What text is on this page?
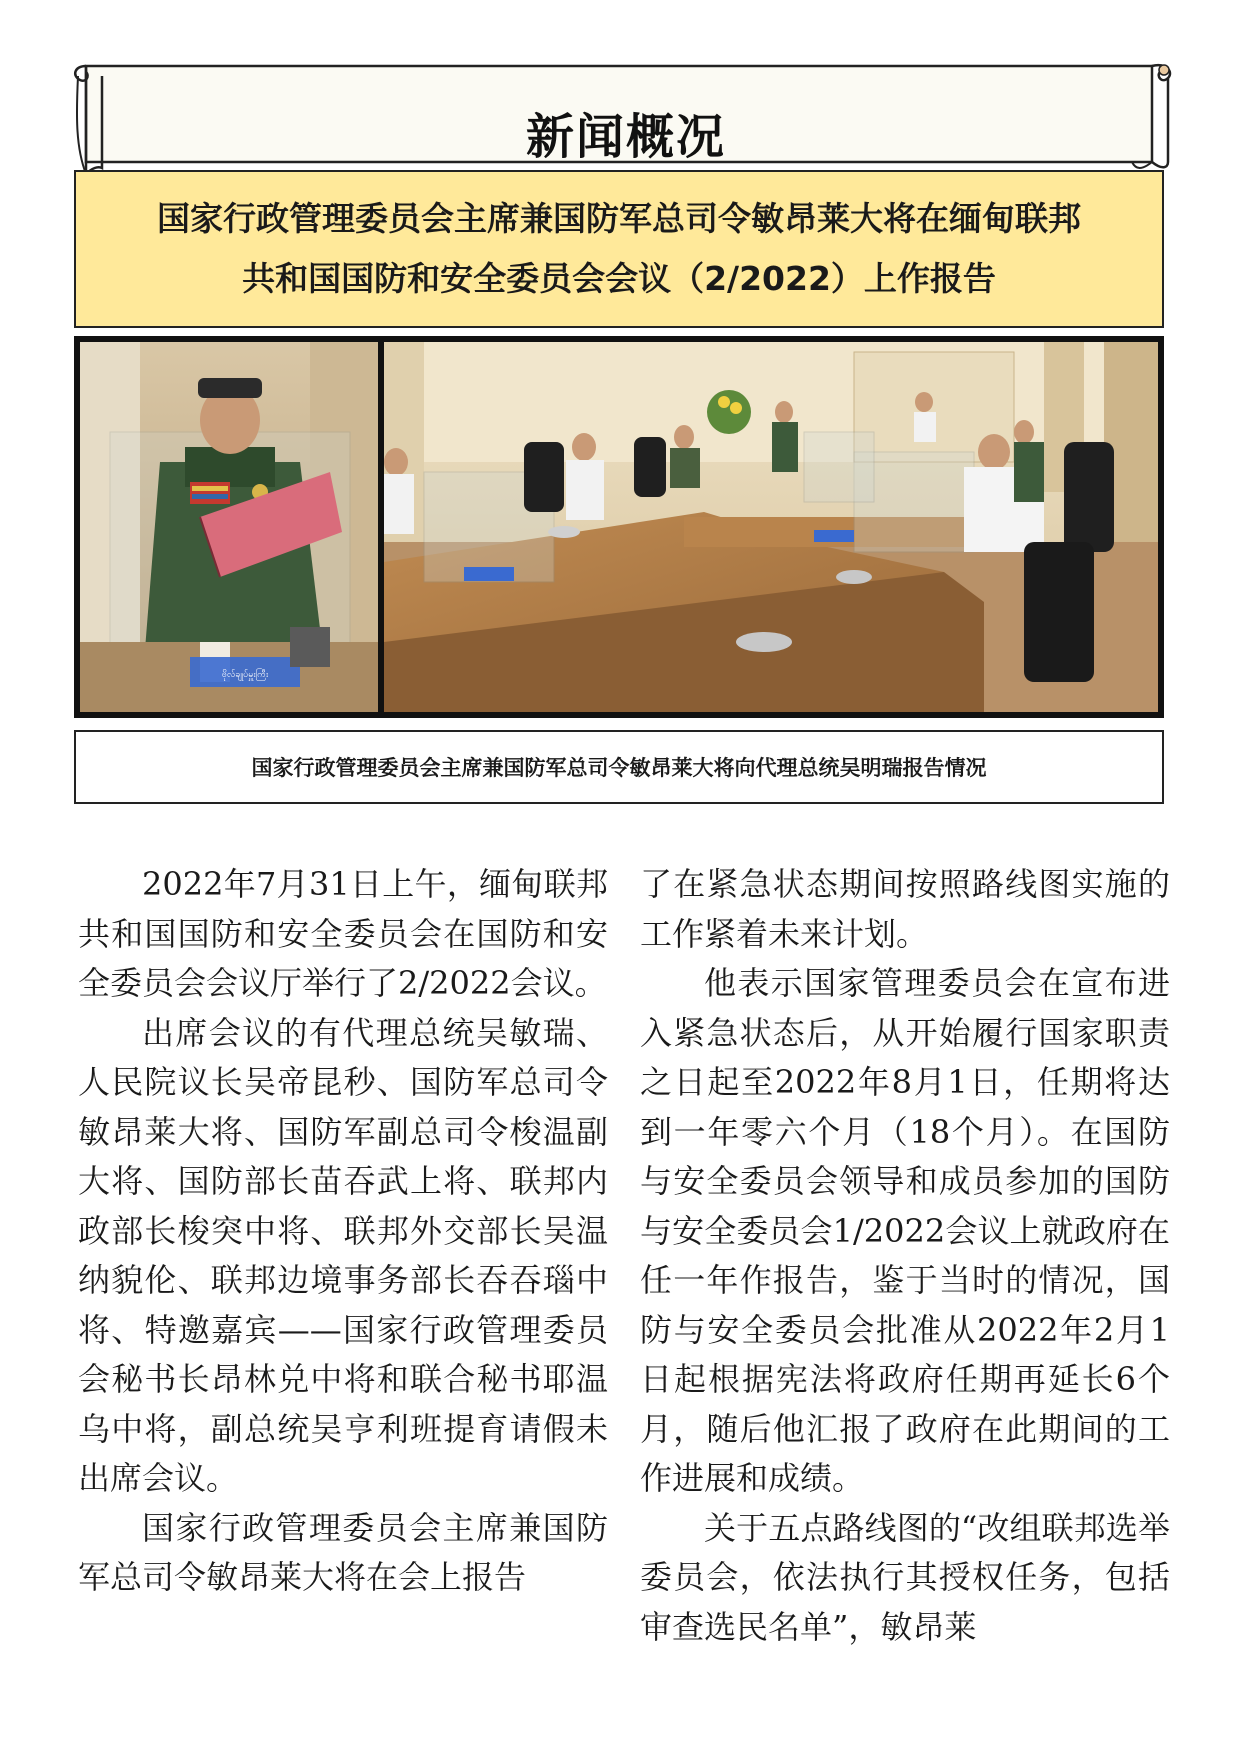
新闻概况
国家行政管理委员会主席兼国防军总司令敏昂莱大将在缅甸联邦
共和国国防和安全委员会会议（2/2022）上作报告
ဗိုလ်ချုပ်မှူးကြီး
国家行政管理委员会主席兼国防军总司令敏昂莱大将向代理总统吴明瑞报告情况

2022年7月31日上午，缅甸联邦共和国国防和安全委员会在国防和安全委员会会议厅举行了2/2022会议。

出席会议的有代理总统吴敏瑞、人民院议长吴帝昆秒、国防军总司令敏昂莱大将、国防军副总司令梭温副大将、国防部长苗吞武上将、联邦内政部长梭突中将、联邦外交部长吴温纳貌伦、联邦边境事务部长吞吞瑙中将、特邀嘉宾——国家行政管理委员会秘书长昂林兑中将和联合秘书耶温乌中将，副总统吴亨利班提育请假未出席会议。

国家行政管理委员会主席兼国防军总司令敏昂莱大将在会上报告

了在紧急状态期间按照路线图实施的工作紧着未来计划。

他表示国家管理委员会在宣布进入紧急状态后，从开始履行国家职责之日起至2022年8月1日，任期将达到一年零六个月（18个月）。在国防与安全委员会领导和成员参加的国防与安全委员会1/2022会议上就政府在任一年作报告，鉴于当时的情况，国防与安全委员会批准从2022年2月1日起根据宪法将政府任期再延长6个月，随后他汇报了政府在此期间的工作进展和成绩。

关于五点路线图的“改组联邦选举委员会，依法执行其授权任务，包括审查选民名单”，敏昂莱
